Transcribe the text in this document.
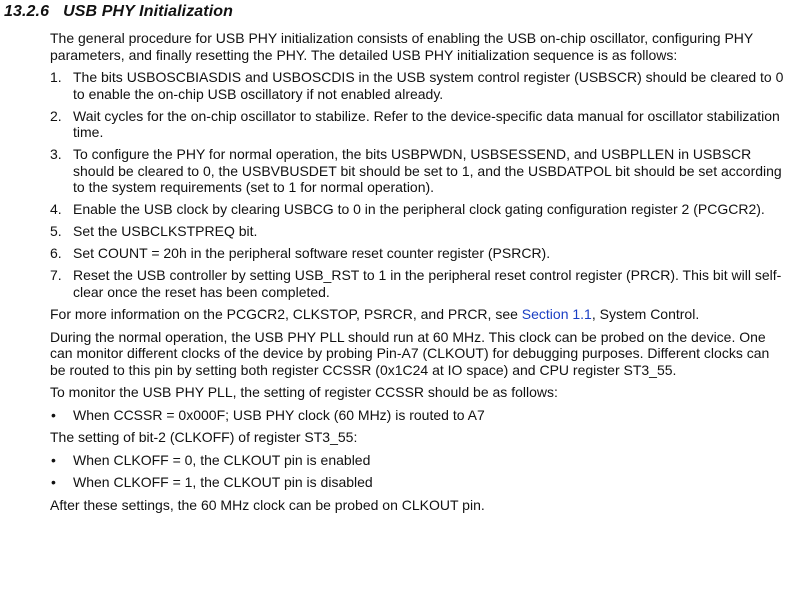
13.2.6 USB PHY Initialization

The general procedure for USB PHY initialization consists of enabling the USB on-chip oscillator, configuring PHY parameters, and finally resetting the PHY. The detailed USB PHY initialization sequence is as follows:

1. The bits USBOSCBIASDIS and USBOSCDIS in the USB system control register (USBSCR) should be cleared to 0 to enable the on-chip USB oscillatory if not enabled already.
2. Wait cycles for the on-chip oscillator to stabilize. Refer to the device-specific data manual for oscillator stabilization time.
3. To configure the PHY for normal operation, the bits USBPWDN, USBSESSEND, and USBPLLEN in USBSCR should be cleared to 0, the USBVBUSDET bit should be set to 1, and the USBDATPOL bit should be set according to the system requirements (set to 1 for normal operation).
4. Enable the USB clock by clearing USBCG to 0 in the peripheral clock gating configuration register 2 (PCGCR2).
5. Set the USBCLKSTPREQ bit.
6. Set COUNT = 20h in the peripheral software reset counter register (PSRCR).
7. Reset the USB controller by setting USB_RST to 1 in the peripheral reset control register (PRCR). This bit will self-clear once the reset has been completed.

For more information on the PCGCR2, CLKSTOP, PSRCR, and PRCR, see Section 1.1, System Control.

During the normal operation, the USB PHY PLL should run at 60 MHz. This clock can be probed on the device. One can monitor different clocks of the device by probing Pin-A7 (CLKOUT) for debugging purposes. Different clocks can be routed to this pin by setting both register CCSSR (0x1C24 at IO space) and CPU register ST3_55.

To monitor the USB PHY PLL, the setting of register CCSSR should be as follows:

• When CCSSR = 0x000F; USB PHY clock (60 MHz) is routed to A7

The setting of bit-2 (CLKOFF) of register ST3_55:

• When CLKOFF = 0, the CLKOUT pin is enabled
• When CLKOFF = 1, the CLKOUT pin is disabled

After these settings, the 60 MHz clock can be probed on CLKOUT pin.
